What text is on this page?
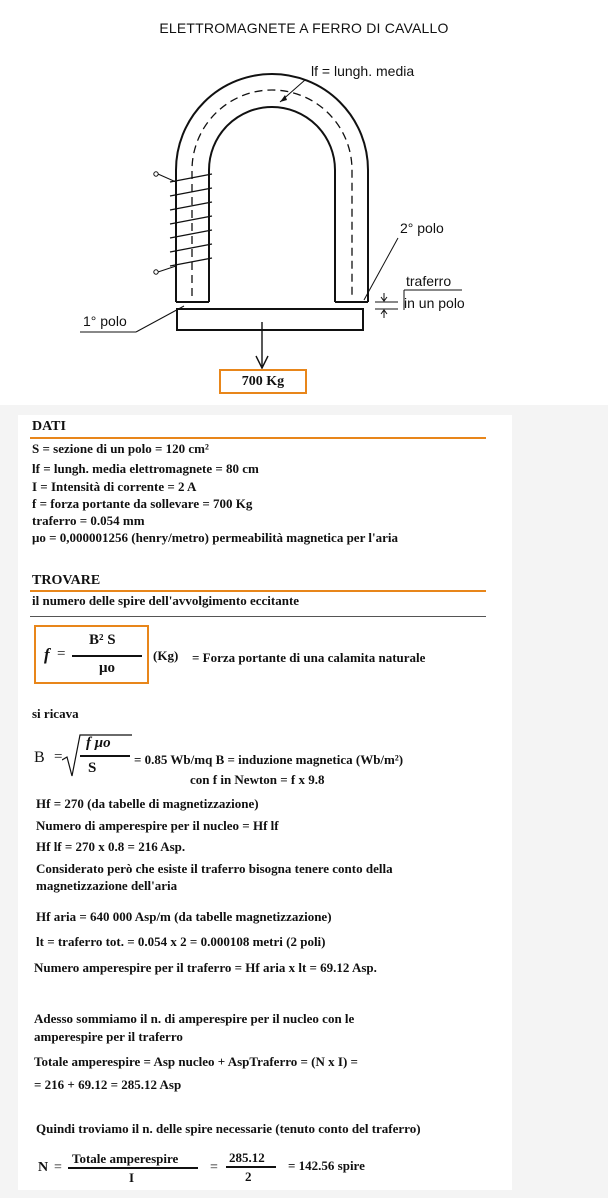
ELETTROMAGNETE A FERRO DI CAVALLO
lf = lungh. media
2° polo
1° polo
traferro
in un polo
700 Kg
DATI
S = sezione di un polo = 120 cm²
lf = lungh. media elettromagnete = 80 cm
I = Intensità di corrente = 2 A
f = forza portante da sollevare = 700 Kg
traferro = 0.054 mm
μo = 0,000001256 (henry/metro) permeabilità magnetica per l'aria
TROVARE
il numero delle spire dell'avvolgimento eccitante
f =
B² S
μo
(Kg) = Forza portante di una calamita naturale
si ricava
B =
f μo
S
= 0.85 Wb/mq B = induzione magnetica (Wb/m²)
con f in Newton = f x 9.8
Hf = 270 (da tabelle di magnetizzazione)
Numero di amperespire per il nucleo = Hf lf
Hf lf = 270 x 0.8 = 216 Asp.
Considerato però che esiste il traferro bisogna tenere conto della
magnetizzazione dell'aria
Hf aria = 640 000 Asp/m (da tabelle magnetizzazione)
lt = traferro tot. = 0.054 x 2 = 0.000108 metri (2 poli)
Numero amperespire per il traferro = Hf aria x lt = 69.12 Asp.
Adesso sommiamo il n. di amperespire per il nucleo con le
amperespire per il traferro
Totale amperespire = Asp nucleo + AspTraferro = (N x I) =
= 216 + 69.12 = 285.12 Asp
Quindi troviamo il n. delle spire necessarie (tenuto conto del traferro)
N =
Totale amperespire
I
=
285.12
2
= 142.56 spire
